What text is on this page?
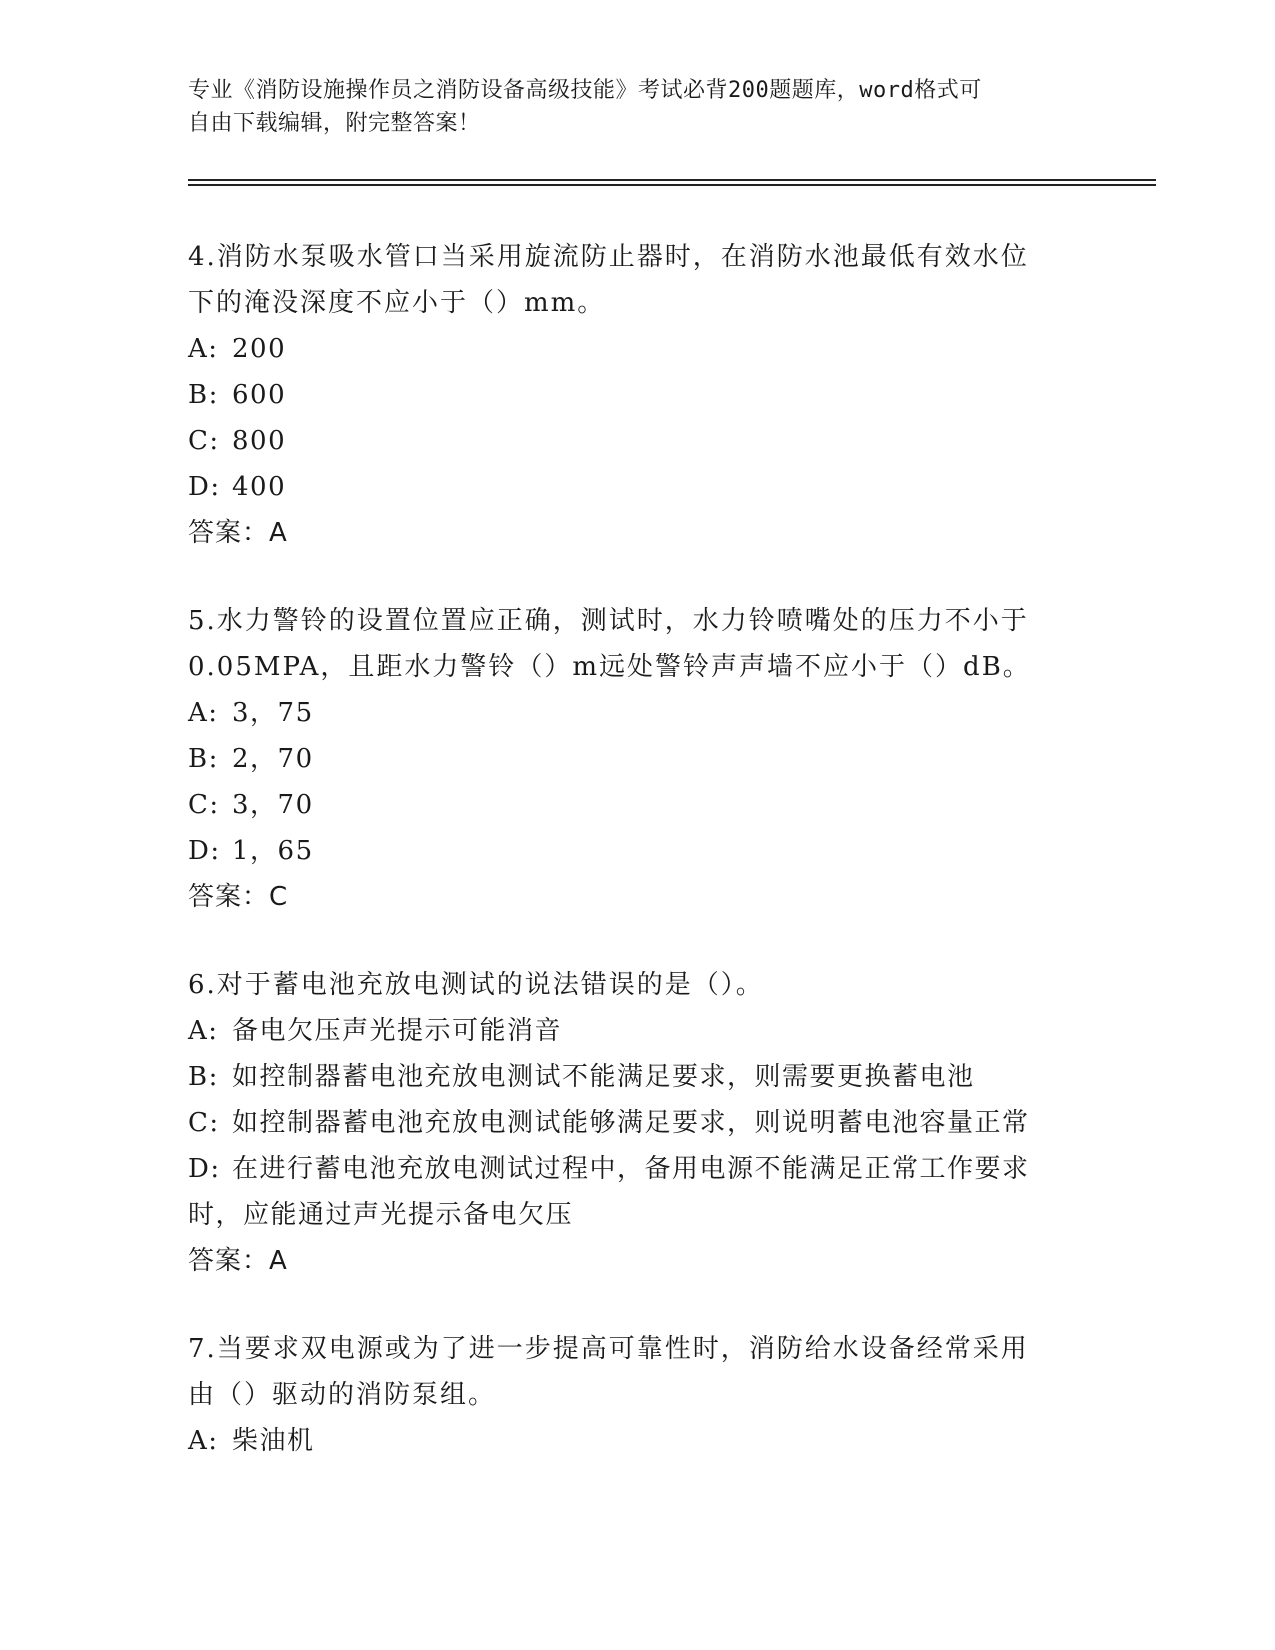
专业《消防设施操作员之消防设备高级技能》考试必背200题题库，word格式可
自由下载编辑，附完整答案！
4.消防水泵吸水管口当采用旋流防止器时，在消防水池最低有效水位
下的淹没深度不应小于（）mm。
A: 200
B: 600
C: 800
D: 400
答案：A
5.水力警铃的设置位置应正确，测试时，水力铃喷嘴处的压力不小于
0.05MPA，且距水力警铃（）m远处警铃声声墙不应小于（）dB。
A: 3，75
B: 2，70
C: 3，70
D: 1，65
答案：C
6.对于蓄电池充放电测试的说法错误的是（）。
A: 备电欠压声光提示可能消音
B: 如控制器蓄电池充放电测试不能满足要求，则需要更换蓄电池
C: 如控制器蓄电池充放电测试能够满足要求，则说明蓄电池容量正常
D: 在进行蓄电池充放电测试过程中，备用电源不能满足正常工作要求
时，应能通过声光提示备电欠压
答案：A
7.当要求双电源或为了进一步提高可靠性时，消防给水设备经常采用
由（）驱动的消防泵组。
A: 柴油机
